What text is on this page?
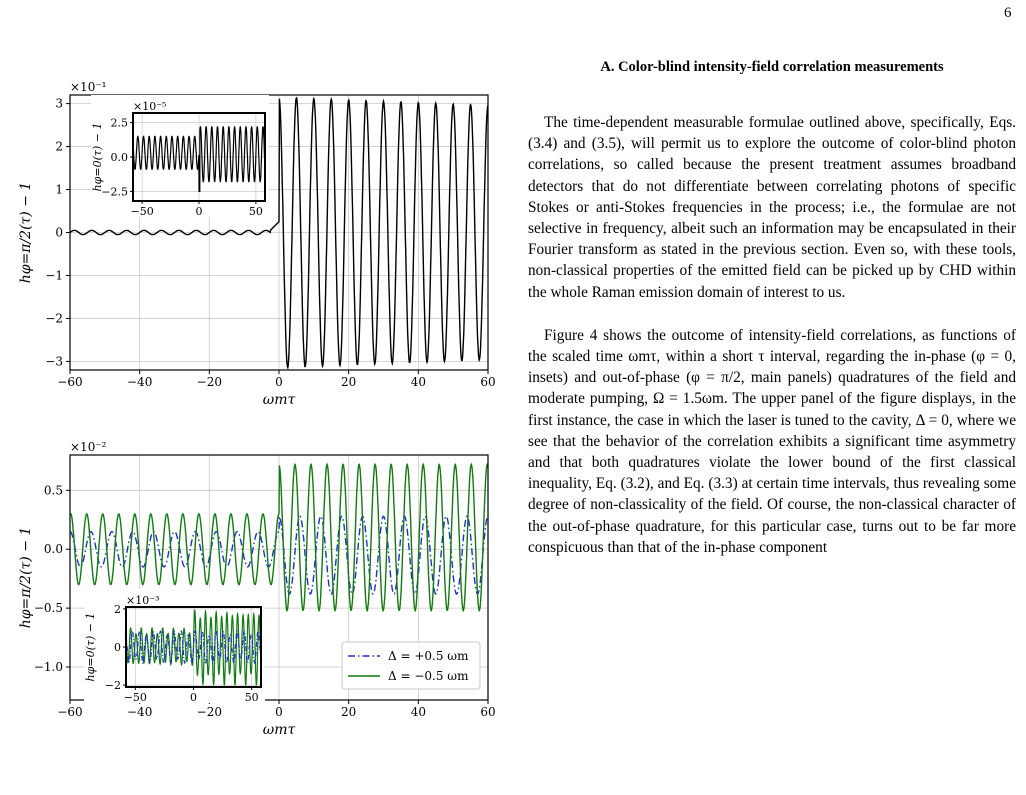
6
−60	−40	−20	0	20	40	60
3
2
1
0
−1
−2
−3
×10⁻¹
ωmτ
hφ=π/2(τ) − 1	−50	0	50
2.5
0.0
−2.5
×10⁻⁵
hφ=0(τ) − 1
−60	−40	−20	0	20	40	60
0.5
0.0
−0.5
−1.0
×10⁻²
ωmτ
hφ=π/2(τ) − 1
−50	0	50
2
0
−2
×10⁻³
hφ=0(τ) − 1	Δ = +0.5 ωm
Δ = −0.5 ωm
A. Color-blind intensity-field correlation measurements

The time-dependent measurable formulae outlined above, specifically, Eqs. (3.4) and (3.5), will permit us to explore the outcome of color-blind photon correlations, so called because the present treatment assumes broadband detectors that do not differentiate between correlating photons of specific Stokes or anti-Stokes frequencies in the process; i.e., the formulae are not selective in frequency, albeit such an information may be encapsulated in their Fourier transform as stated in the previous section. Even so, with these tools, non-classical properties of the emitted field can be picked up by CHD within the whole Raman emission domain of interest to us.

Figure 4 shows the outcome of intensity-field correlations, as functions of the scaled time ωmτ, within a short τ interval, regarding the in-phase (φ = 0, insets) and out-of-phase (φ = π/2, main panels) quadratures of the field and moderate pumping, Ω = 1.5ωm. The upper panel of the figure displays, in the first instance, the case in which the laser is tuned to the cavity, Δ = 0, where we see that the behavior of the correlation exhibits a significant time asymmetry and that both quadratures violate the lower bound of the first classical inequality, Eq. (3.2), and Eq. (3.3) at certain time intervals, thus revealing some degree of non-classicality of the field. Of course, the non-classical character of the out-of-phase quadrature, for this particular case, turns out to be far more conspicuous than that of the in-phase component
